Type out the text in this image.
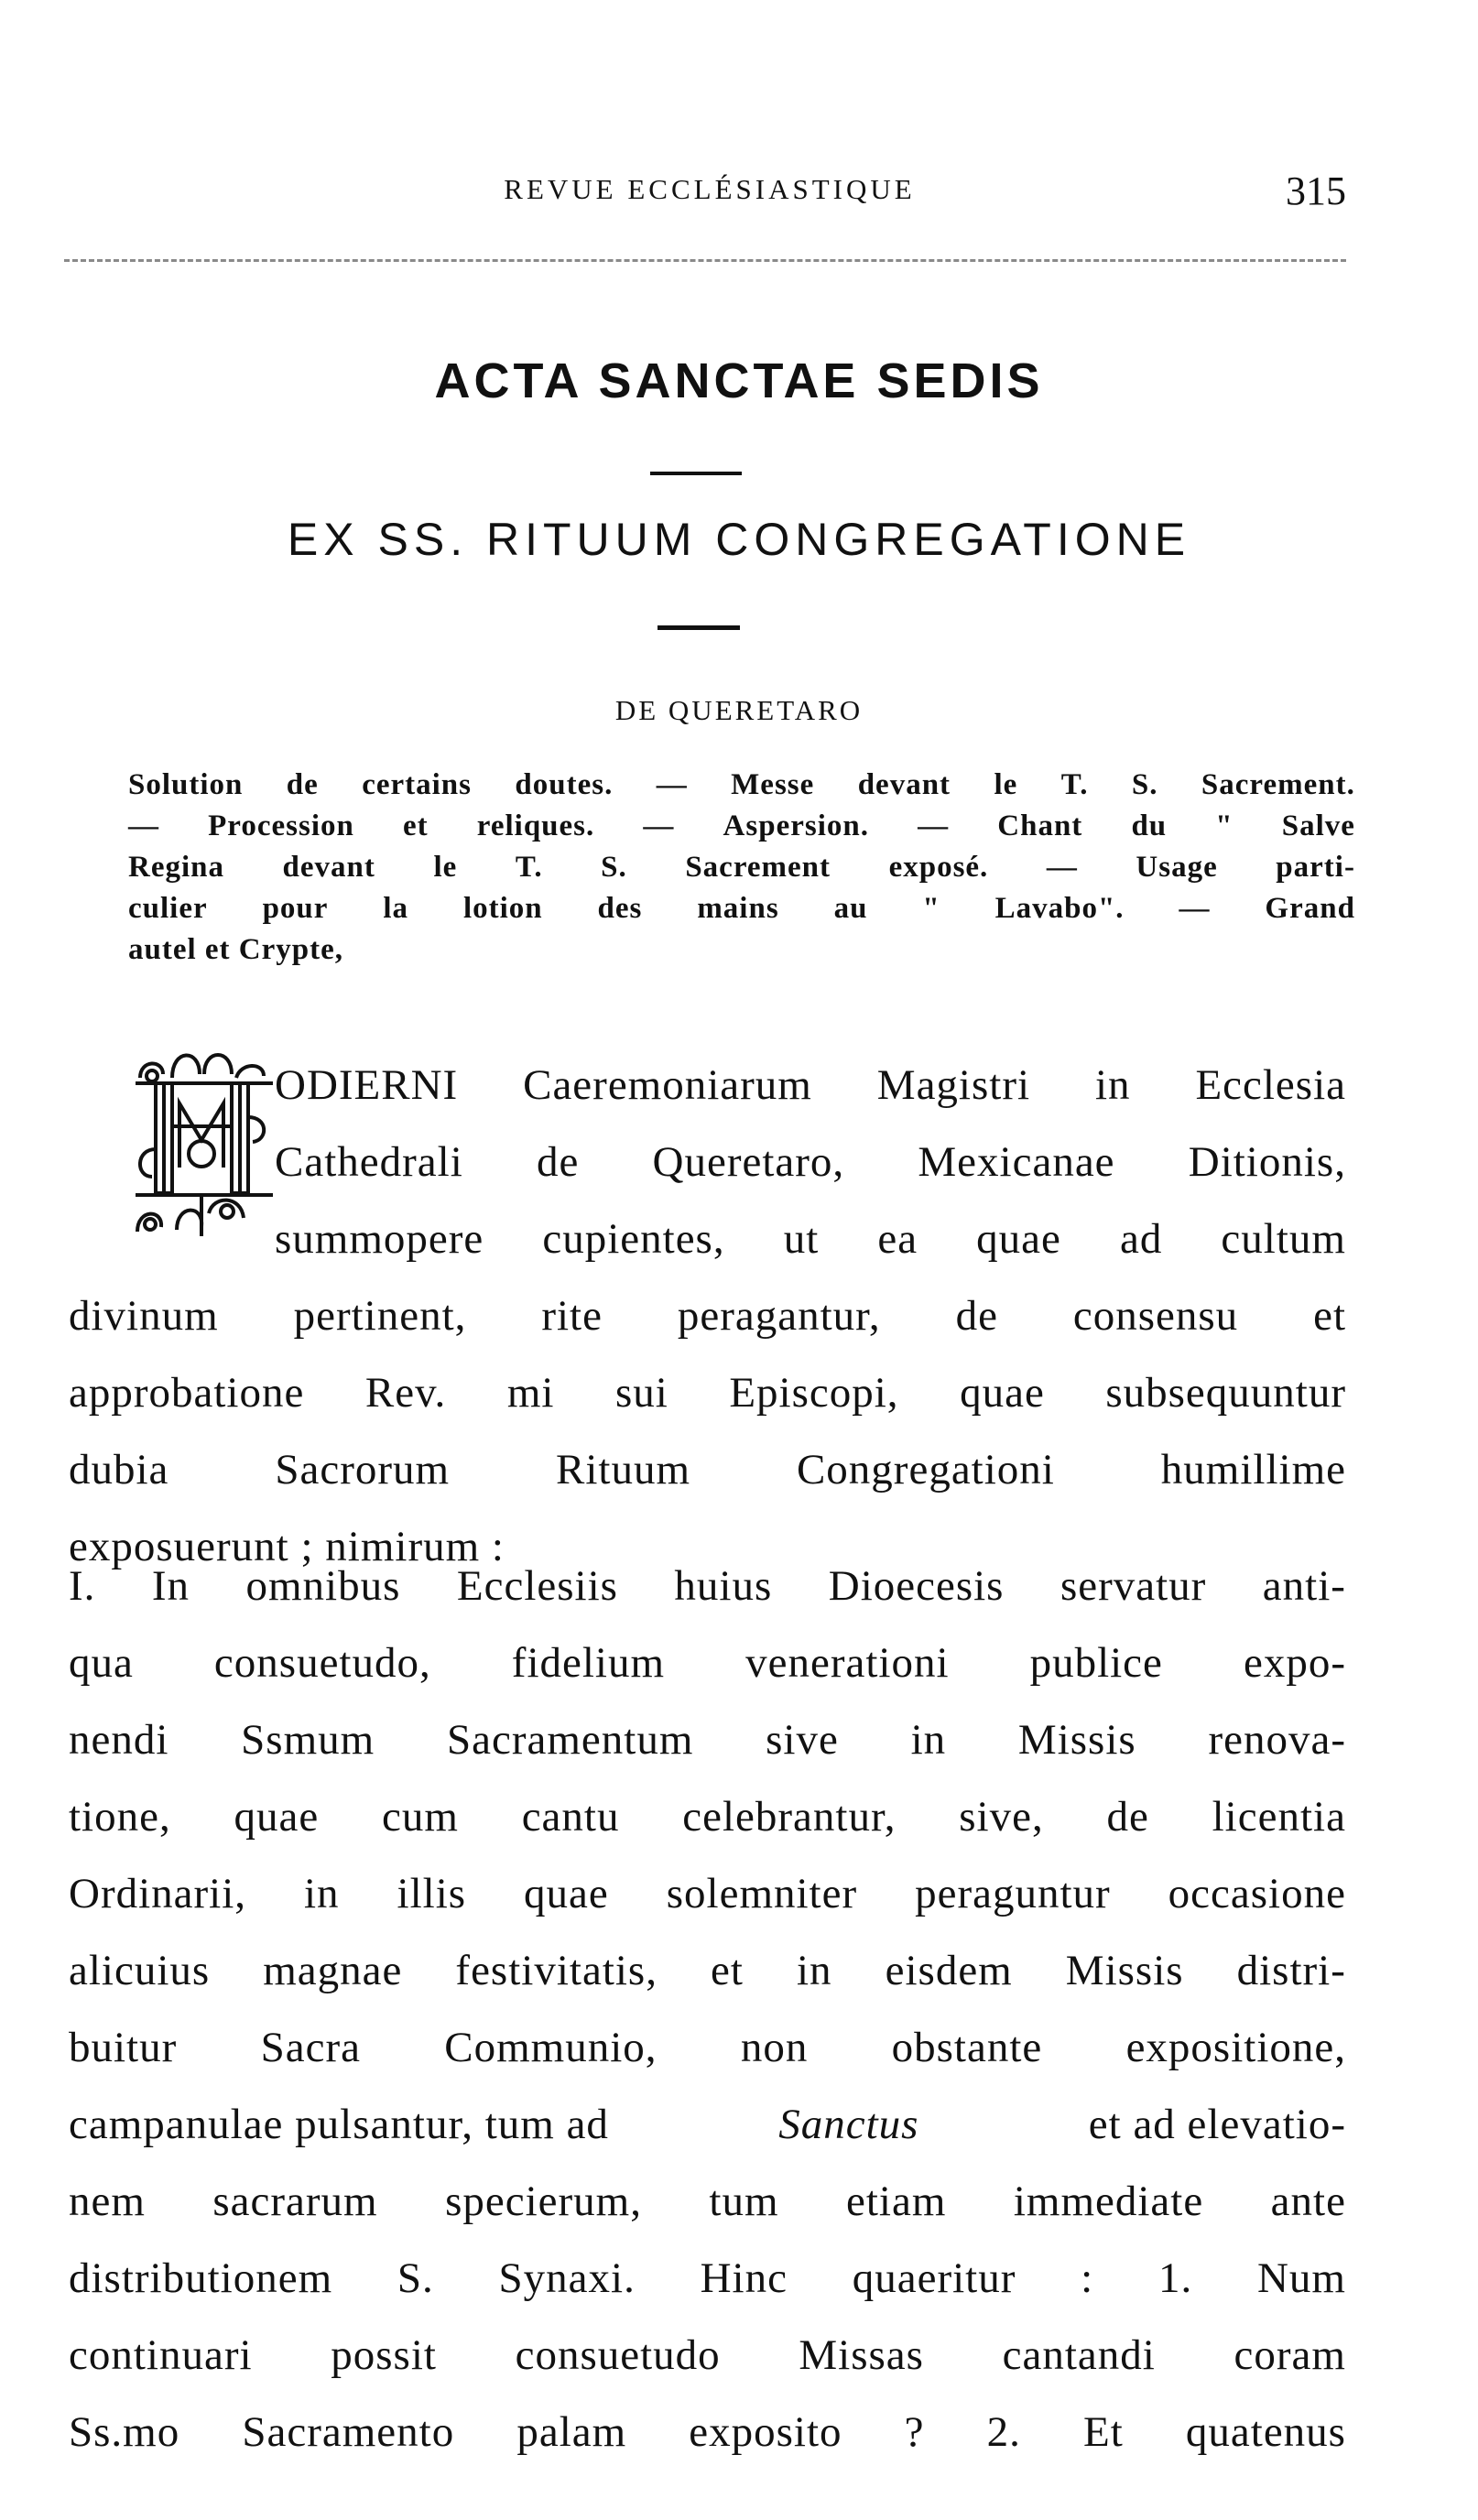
REVUE ECCLÉSIASTIQUE	315
ACTA SANCTAE SEDIS
EX SS. RITUUM CONGREGATIONE
DE QUERETARO
Solution de certains doutes. — Messe devant le T. S. Sacrement.
— Procession et reliques. — Aspersion. — Chant du " Salve
Regina devant le T. S. Sacrement exposé. — Usage parti-
culier pour la lotion des mains au " Lavabo". — Grand
autel et Crypte,
ODIERNI Caeremoniarum Magistri in Ecclesia
Cathedrali de Queretaro, Mexicanae Ditionis,
summopere cupientes, ut ea quae ad cultum
divinum pertinent, rite peragantur, de consensu et
approbatione Rev. mi sui Episcopi, quae subsequuntur
dubia Sacrorum Rituum Congregationi humillime
exposuerunt ; nimirum :
I. In omnibus Ecclesiis huius Dioecesis servatur anti-
qua consuetudo, fidelium venerationi publice expo-
nendi Ssmum Sacramentum sive in Missis renova-
tione, quae cum cantu celebrantur, sive, de licentia
Ordinarii, in illis quae solemniter peraguntur occasione
alicuius magnae festivitatis, et in eisdem Missis distri-
buitur Sacra Communio, non obstante expositione,
campanulae pulsantur, tum ad	Sanctus	et ad elevatio-
nem sacrarum specierum, tum etiam immediate ante
distributionem S. Synaxi. Hinc quaeritur : 1. Num
continuari possit consuetudo Missas cantandi coram
Ss.mo Sacramento palam exposito ? 2. Et quatenus
